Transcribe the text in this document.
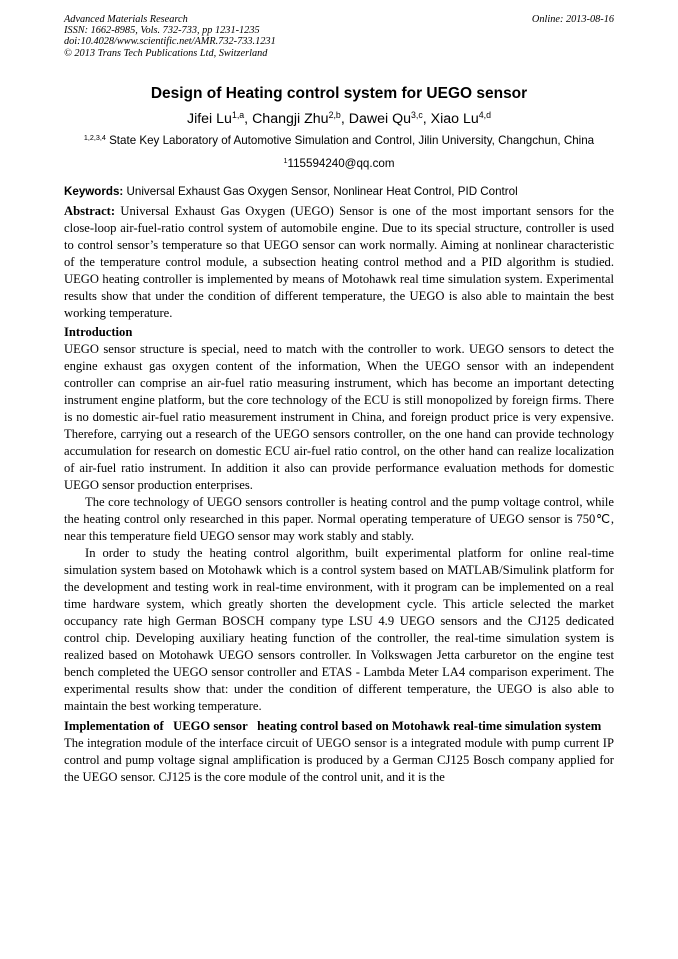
Advanced Materials Research
ISSN: 1662-8985, Vols. 732-733, pp 1231-1235
doi:10.4028/www.scientific.net/AMR.732-733.1231
© 2013 Trans Tech Publications Ltd, Switzerland
Online: 2013-08-16
Design of Heating control system for UEGO sensor
Jifei Lu$^{1,a}$, Changji Zhu$^{2,b}$, Dawei Qu$^{3,c}$, Xiao Lu$^{4,d}$
$^{1,2,3,4}$ State Key Laboratory of Automotive Simulation and Control, Jilin University, Changchun, China
$^1$115594240@qq.com
Keywords: Universal Exhaust Gas Oxygen Sensor, Nonlinear Heat Control, PID Control

Abstract: Universal Exhaust Gas Oxygen (UEGO) Sensor is one of the most important sensors for the close-loop air-fuel-ratio control system of automobile engine. Due to its special structure, controller is used to control sensor’s temperature so that UEGO sensor can work normally. Aiming at nonlinear characteristic of the temperature control module, a subsection heating control method and a PID algorithm is studied. UEGO heating controller is implemented by means of Motohawk real time simulation system. Experimental results show that under the condition of different temperature, the UEGO is also able to maintain the best working temperature.

Introduction

UEGO sensor structure is special, need to match with the controller to work. UEGO sensors to detect the engine exhaust gas oxygen content of the information, When the UEGO sensor with an independent controller can comprise an air-fuel ratio measuring instrument, which has become an important detecting instrument engine platform, but the core technology of the ECU is still monopolized by foreign firms. There is no domestic air-fuel ratio measurement instrument in China, and foreign product price is very expensive. Therefore, carrying out a research of the UEGO sensors controller, on the one hand can provide technology accumulation for research on domestic ECU air-fuel ratio control, on the other hand can realize localization of air-fuel ratio instrument. In addition it also can provide performance evaluation methods for domestic UEGO sensor production enterprises.

The core technology of UEGO sensors controller is heating control and the pump voltage control, while the heating control only researched in this paper. Normal operating temperature of UEGO sensor is 750℃, near this temperature field UEGO sensor may work stably and stably.

In order to study the heating control algorithm, built experimental platform for online real-time simulation system based on Motohawk which is a control system based on MATLAB/Simulink platform for the development and testing work in real-time environment, with it program can be implemented on a real time hardware system, which greatly shorten the development cycle. This article selected the market occupancy rate high German BOSCH company type LSU 4.9 UEGO sensors and the CJ125 dedicated control chip. Developing auxiliary heating function of the controller, the real-time simulation system is realized based on Motohawk UEGO sensors controller. In Volkswagen Jetta carburetor on the engine test bench completed the UEGO sensor controller and ETAS - Lambda Meter LA4 comparison experiment. The experimental results show that: under the condition of different temperature, the UEGO is also able to maintain the best working temperature.

Implementation of   UEGO sensor   heating control based on Motohawk real-time simulation system

The integration module of the interface circuit of UEGO sensor is a integrated module with pump current IP control and pump voltage signal amplification is produced by a German CJ125 Bosch company applied for the UEGO sensor. CJ125 is the core module of the control unit, and it is the
